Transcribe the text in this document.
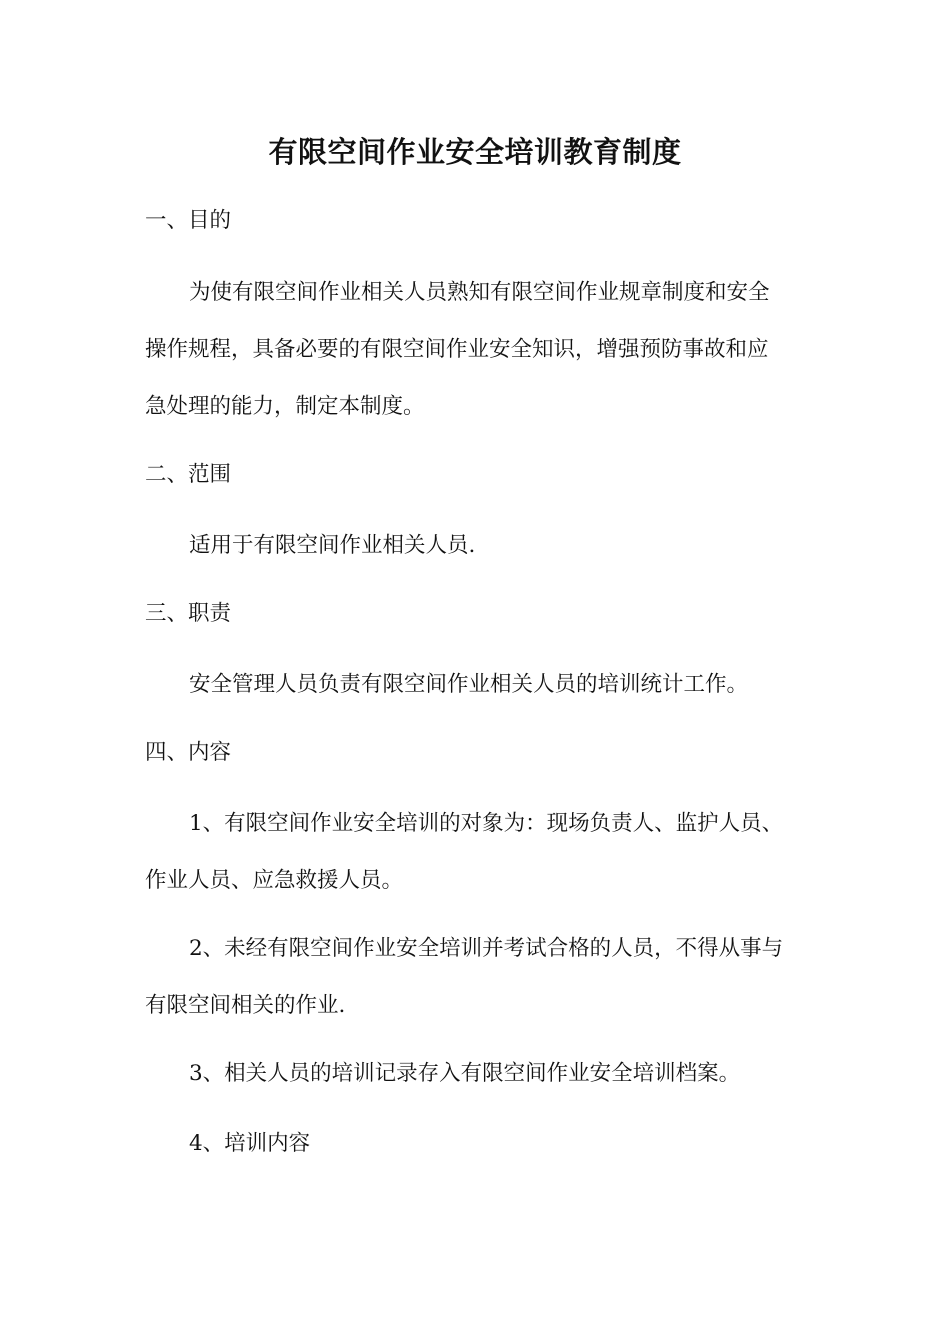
有限空间作业安全培训教育制度
一、目的
为使有限空间作业相关人员熟知有限空间作业规章制度和安全
操作规程，具备必要的有限空间作业安全知识，增强预防事故和应
急处理的能力，制定本制度。
二、范围
适用于有限空间作业相关人员.
三、职责
安全管理人员负责有限空间作业相关人员的培训统计工作。
四、内容
1、有限空间作业安全培训的对象为：现场负责人、监护人员、
作业人员、应急救援人员。
2、未经有限空间作业安全培训并考试合格的人员，不得从事与
有限空间相关的作业.
3、相关人员的培训记录存入有限空间作业安全培训档案。
4、培训内容
